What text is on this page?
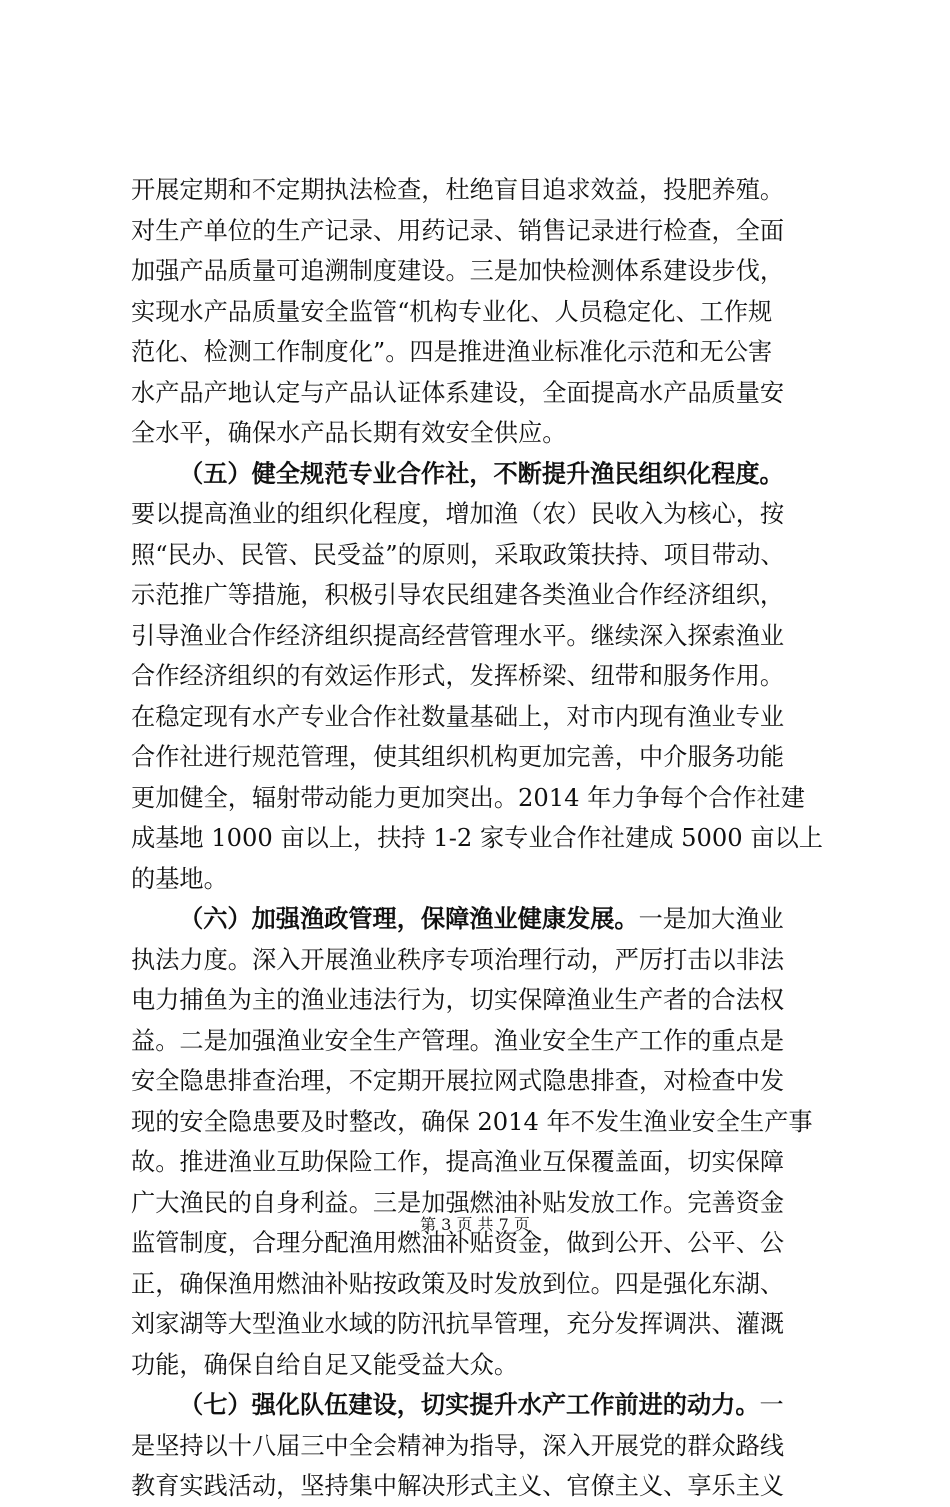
开展定期和不定期执法检查，杜绝盲目追求效益，投肥养殖。
对生产单位的生产记录、用药记录、销售记录进行检查，全面
加强产品质量可追溯制度建设。三是加快检测体系建设步伐，
实现水产品质量安全监管“机构专业化、人员稳定化、工作规
范化、检测工作制度化”。四是推进渔业标准化示范和无公害
水产品产地认定与产品认证体系建设，全面提高水产品质量安
全水平，确保水产品长期有效安全供应。
（五）健全规范专业合作社，不断提升渔民组织化程度。
要以提高渔业的组织化程度，增加渔（农）民收入为核心，按
照“民办、民管、民受益”的原则，采取政策扶持、项目带动、
示范推广等措施，积极引导农民组建各类渔业合作经济组织，
引导渔业合作经济组织提高经营管理水平。继续深入探索渔业
合作经济组织的有效运作形式，发挥桥梁、纽带和服务作用。
在稳定现有水产专业合作社数量基础上，对市内现有渔业专业
合作社进行规范管理，使其组织机构更加完善，中介服务功能
更加健全，辐射带动能力更加突出。2014 年力争每个合作社建
成基地 1000 亩以上，扶持 1-2 家专业合作社建成 5000 亩以上
的基地。
（六）加强渔政管理，保障渔业健康发展。一是加大渔业
执法力度。深入开展渔业秩序专项治理行动，严厉打击以非法
电力捕鱼为主的渔业违法行为，切实保障渔业生产者的合法权
益。二是加强渔业安全生产管理。渔业安全生产工作的重点是
安全隐患排查治理，不定期开展拉网式隐患排查，对检查中发
现的安全隐患要及时整改，确保 2014 年不发生渔业安全生产事
故。推进渔业互助保险工作，提高渔业互保覆盖面，切实保障
广大渔民的自身利益。三是加强燃油补贴发放工作。完善资金
监管制度，合理分配渔用燃油补贴资金，做到公开、公平、公
正，确保渔用燃油补贴按政策及时发放到位。四是强化东湖、
刘家湖等大型渔业水域的防汛抗旱管理，充分发挥调洪、灌溉
功能，确保自给自足又能受益大众。
（七）强化队伍建设，切实提升水产工作前进的动力。一
是坚持以十八届三中全会精神为指导，深入开展党的群众路线
教育实践活动，坚持集中解决形式主义、官僚主义、享乐主义
第 3 页 共 7 页
